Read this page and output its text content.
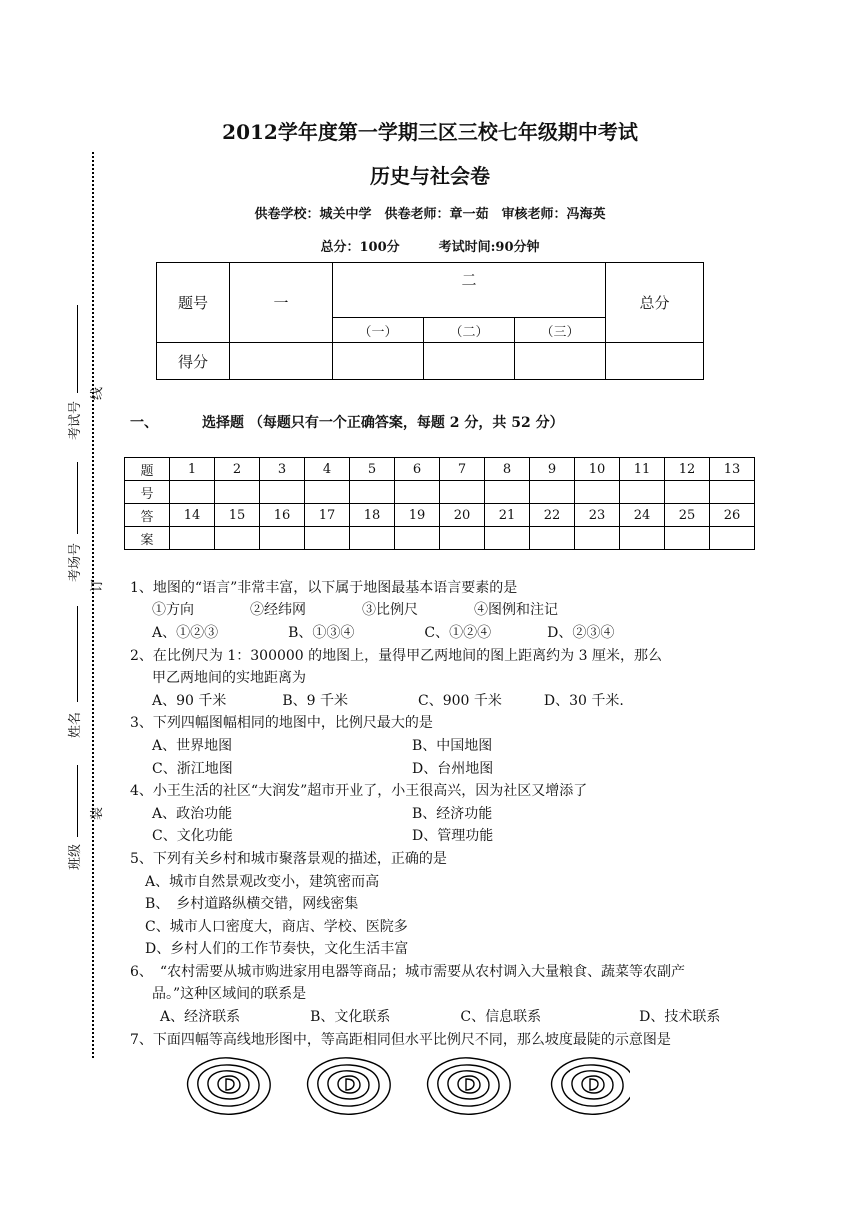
考试号
线
考场号
订
姓名
班级
装
2012学年度第一学期三区三校七年级期中考试
历史与社会卷
供卷学校：城关中学　供卷老师：章一茹　审核老师：冯海英
总分：100分　　　考试时间:90分钟
题号	一	二			总分
		（一）	（二）	（三）	
得分					
一、	选择题 （每题只有一个正确答案，每题 2 分，共 52 分）
题	1	2	3	4	5	6	7	8	9	10	11	12	13
号													
答	14	15	16	17	18	19	20	21	22	23	24	25	26
案													
1、地图的“语言”非常丰富，以下属于地图最基本语言要素的是
①方向　　　　②经纬网　　　　③比例尺　　　　④图例和注记
A、①②③　　　　　B、①③④　　　　　C、①②④　　　　D、②③④
2、在比例尺为 1：300000 的地图上，量得甲乙两地间的图上距离约为 3 厘米，那么
甲乙两地间的实地距离为
A、90 千米　　　　B、9 千米　　　　　C、900 千米　　　D、30 千米.
3、下列四幅图幅相同的地图中，比例尺最大的是
A、世界地图	B、中国地图
C、浙江地图	D、台州地图
4、小王生活的社区“大润发”超市开业了，小王很高兴，因为社区又增添了
A、政治功能	B、经济功能
C、文化功能	D、管理功能
5、下列有关乡村和城市聚落景观的描述，正确的是
A、城市自然景观改变小，建筑密而高
B、　乡村道路纵横交错，网线密集
C、城市人口密度大，商店、学校、医院多
D、乡村人们的工作节奏快，文化生活丰富
6、　“农村需要从城市购进家用电器等商品；城市需要从农村调入大量粮食、蔬菜等农副产
品。”这种区域间的联系是
A、经济联系　　　　　B、文化联系　　　　　C、信息联系　　　　　　　D、技术联系
7、下面四幅等高线地形图中，等高距相同但水平比例尺不同，那么坡度最陡的示意图是
